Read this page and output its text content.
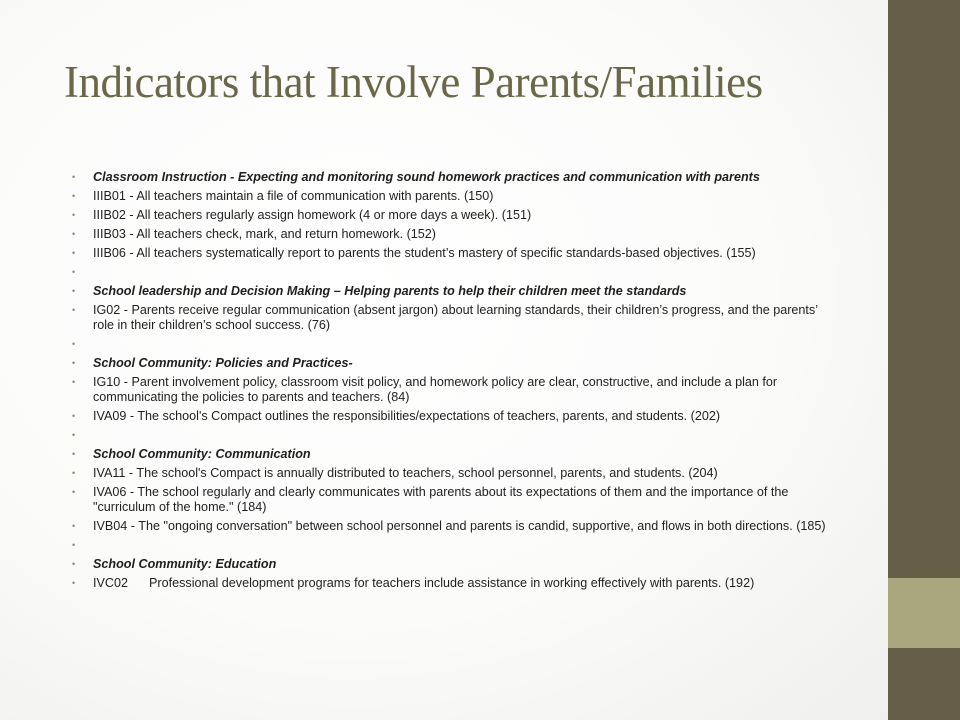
Indicators that Involve Parents/Families
• Classroom Instruction - Expecting and monitoring sound homework practices and communication with parents
• IIIB01 - All teachers maintain a file of communication with parents. (150)
• IIIB02 - All teachers regularly assign homework (4 or more days a week). (151)
• IIIB03 - All teachers check, mark, and return homework. (152)
• IIIB06 - All teachers systematically report to parents the student’s mastery of specific standards-based objectives. (155)
•
• School leadership and Decision Making – Helping parents to help their children meet the standards
• IG02 - Parents receive regular communication (absent jargon) about learning standards, their children’s progress, and the parents’ role in their children’s school success. (76)
•
• School Community: Policies and Practices-
• IG10 - Parent involvement policy, classroom visit policy, and homework policy are clear, constructive, and include a plan for communicating the policies to parents and teachers. (84)
• IVA09 - The school's Compact outlines the responsibilities/expectations of teachers, parents, and students. (202)
•
• School Community: Communication
• IVA11 - The school's Compact is annually distributed to teachers, school personnel, parents, and students. (204)
• IVA06 - The school regularly and clearly communicates with parents about its expectations of them and the importance of the "curriculum of the home." (184)
• IVB04 - The "ongoing conversation" between school personnel and parents is candid, supportive, and flows in both directions. (185)
•
• School Community: Education
• IVC02      Professional development programs for teachers include assistance in working effectively with parents. (192)
